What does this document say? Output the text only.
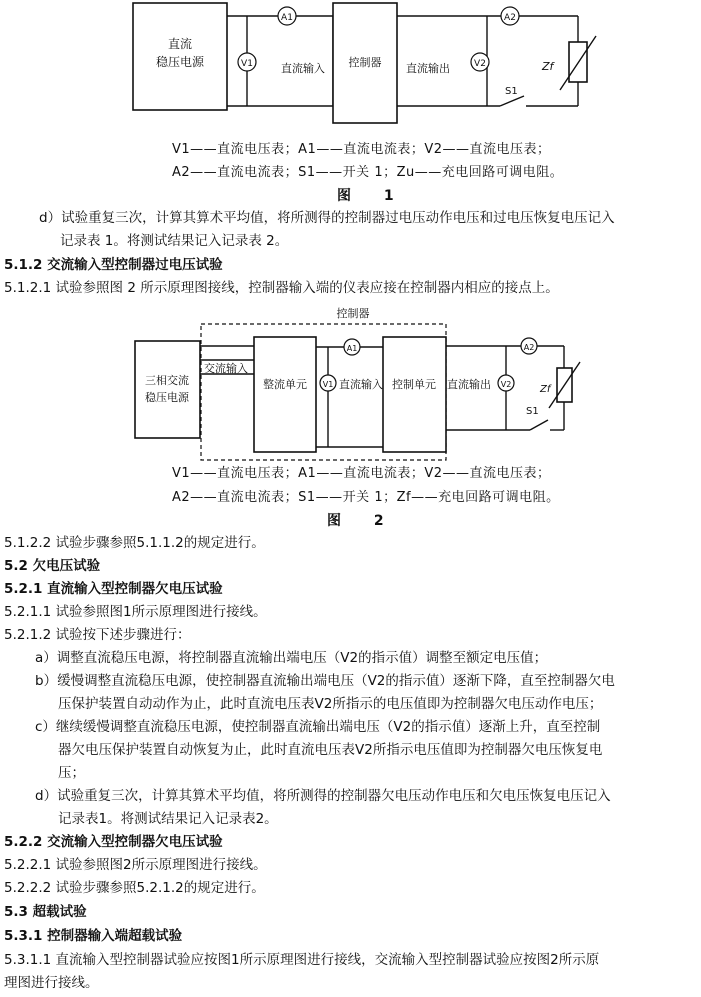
直流
稳压电源	V1
A1
直流输入 控制器 直流输出	V2
A2
S1
Zf
V1——直流电压表；A1——直流电流表；V2——直流电压表；
A2——直流电流表；S1——开关 1；Zu——充电回路可调电阻。
图 1
d）试验重复三次，计算其算术平均值，将所测得的控制器过电压动作电压和过电压恢复电压记入
记录表 1。将测试结果记入记录表 2。
5.1.2 交流输入型控制器过电压试验
5.1.2.1 试验参照图 2 所示原理图接线，控制器输入端的仪表应接在控制器内相应的接点上。
控制器
三相交流
稳压电源
交流输入
整流单元 V1
A1
直流输入 控制单元 直流输出 V2
A2
S1
Zf
V1——直流电压表；A1——直流电流表；V2——直流电压表；
A2——直流电流表；S1——开关 1；Zf——充电回路可调电阻。
图 2
5.1.2.2 试验步骤参照5.1.1.2的规定进行。
5.2 欠电压试验
5.2.1 直流输入型控制器欠电压试验
5.2.1.1 试验参照图1所示原理图进行接线。
5.2.1.2 试验按下述步骤进行：
a）调整直流稳压电源，将控制器直流输出端电压（V2的指示值）调整至额定电压值；
b）缓慢调整直流稳压电源，使控制器直流输出端电压（V2的指示值）逐渐下降，直至控制器欠电
压保护装置自动动作为止，此时直流电压表V2所指示的电压值即为控制器欠电压动作电压；
c）继续缓慢调整直流稳压电源，使控制器直流输出端电压（V2的指示值）逐渐上升，直至控制
器欠电压保护装置自动恢复为止，此时直流电压表V2所指示电压值即为控制器欠电压恢复电
压；
d）试验重复三次，计算其算术平均值，将所测得的控制器欠电压动作电压和欠电压恢复电压记入
记录表1。将测试结果记入记录表2。
5.2.2 交流输入型控制器欠电压试验
5.2.2.1 试验参照图2所示原理图进行接线。
5.2.2.2 试验步骤参照5.2.1.2的规定进行。
5.3 超载试验
5.3.1 控制器输入端超载试验
5.3.1.1 直流输入型控制器试验应按图1所示原理图进行接线，交流输入型控制器试验应按图2所示原
理图进行接线。
